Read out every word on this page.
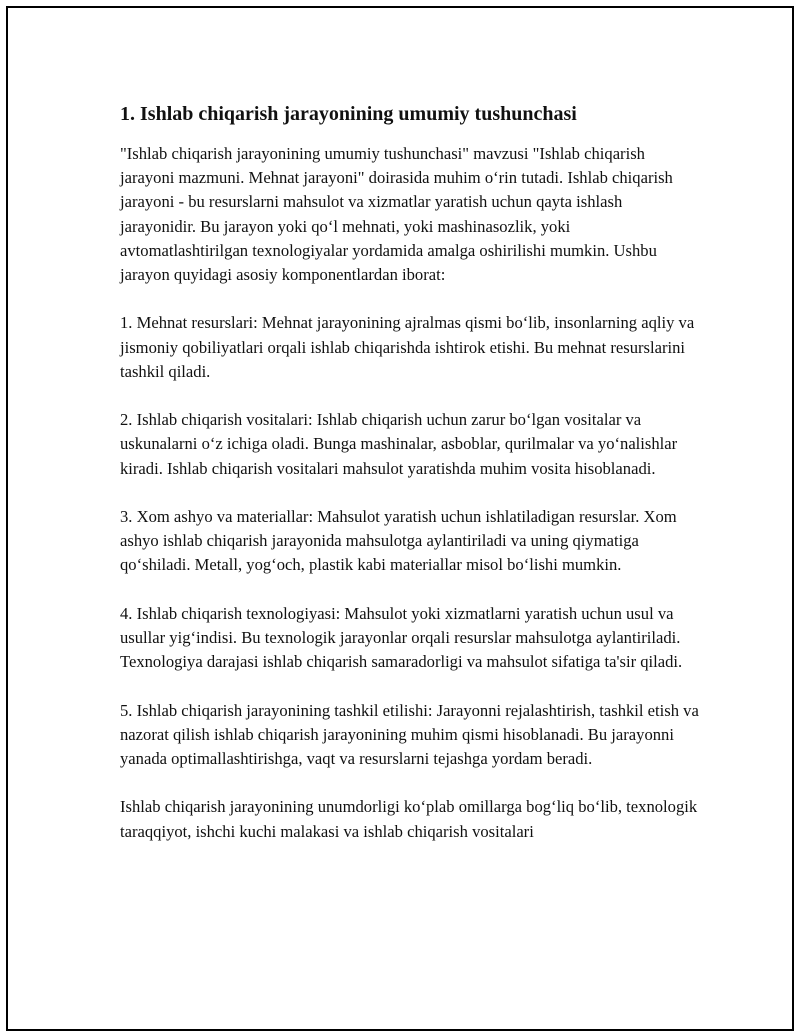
1. Ishlab chiqarish jarayonining umumiy tushunchasi

"Ishlab chiqarish jarayonining umumiy tushunchasi" mavzusi "Ishlab chiqarish jarayoni mazmuni. Mehnat jarayoni" doirasida muhim o‘rin tutadi. Ishlab chiqarish jarayoni - bu resurslarni mahsulot va xizmatlar yaratish uchun qayta ishlash jarayonidir. Bu jarayon yoki qo‘l mehnati, yoki mashinasozlik, yoki avtomatlashtirilgan texnologiyalar yordamida amalga oshirilishi mumkin. Ushbu jarayon quyidagi asosiy komponentlardan iborat:

1. Mehnat resurslari: Mehnat jarayonining ajralmas qismi bo‘lib, insonlarning aqliy va jismoniy qobiliyatlari orqali ishlab chiqarishda ishtirok etishi. Bu mehnat resurslarini tashkil qiladi.

2. Ishlab chiqarish vositalari: Ishlab chiqarish uchun zarur bo‘lgan vositalar va uskunalarni o‘z ichiga oladi. Bunga mashinalar, asboblar, qurilmalar va yo‘nalishlar kiradi. Ishlab chiqarish vositalari mahsulot yaratishda muhim vosita hisoblanadi.

3. Xom ashyo va materiallar: Mahsulot yaratish uchun ishlatiladigan resurslar. Xom ashyo ishlab chiqarish jarayonida mahsulotga aylantiriladi va uning qiymatiga qo‘shiladi. Metall, yog‘och, plastik kabi materiallar misol bo‘lishi mumkin.

4. Ishlab chiqarish texnologiyasi: Mahsulot yoki xizmatlarni yaratish uchun usul va usullar yig‘indisi. Bu texnologik jarayonlar orqali resurslar mahsulotga aylantiriladi. Texnologiya darajasi ishlab chiqarish samaradorligi va mahsulot sifatiga ta'sir qiladi.

5. Ishlab chiqarish jarayonining tashkil etilishi: Jarayonni rejalashtirish, tashkil etish va nazorat qilish ishlab chiqarish jarayonining muhim qismi hisoblanadi. Bu jarayonni yanada optimallashtirishga, vaqt va resurslarni tejashga yordam beradi.

Ishlab chiqarish jarayonining unumdorligi ko‘plab omillarga bog‘liq bo‘lib, texnologik taraqqiyot, ishchi kuchi malakasi va ishlab chiqarish vositalari
